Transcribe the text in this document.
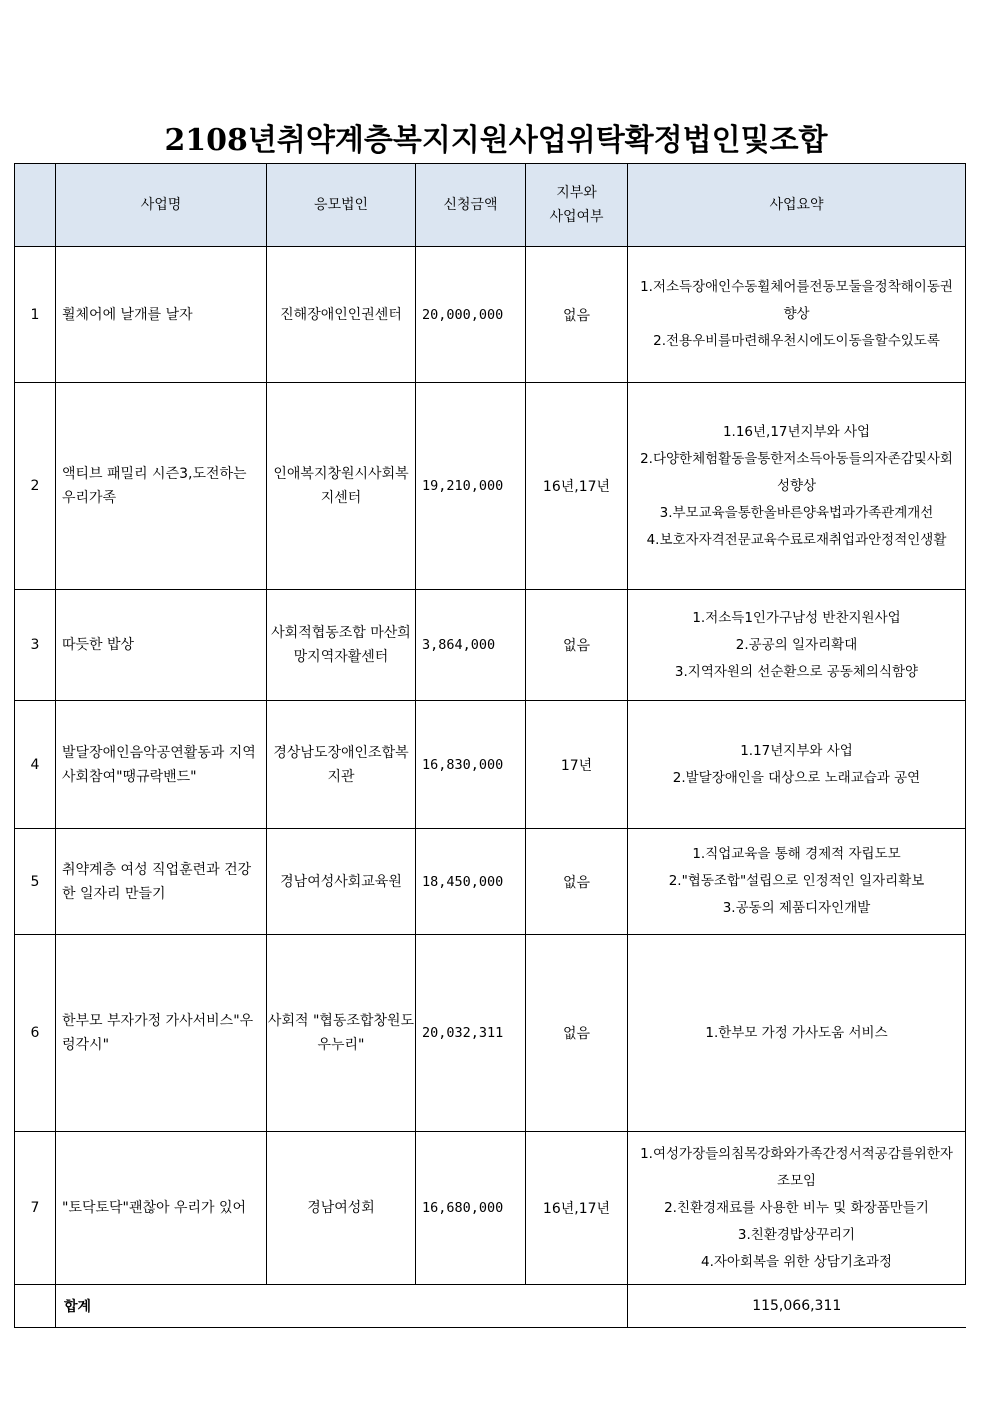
2108년취약계층복지지원사업위탁확정법인및조합
	사업명	응모법인	신청금액	지부와
사업여부	사업요약
1	휠체어에 날개를 날자	진해장애인인권센터	20,000,000	없음	1.저소득장애인수동휠체어를전동모둘을정착해이동권향상
2.전용우비를마련해우천시에도이동을할수있도록

2	액티브 패밀리 시즌3,도전하는우리가족	인애복지창원시사회복지센터	19,210,000	16년,17년	1.16년,17년지부와 사업
2.다양한체험활동을통한저소득아동들의자존감및사회성향상
3.부모교육을통한올바른양육법과가족관계개선
4.보호자자격전문교육수료로재취업과안정적인생활

3	따듯한 밥상	사회적협동조합 마산희망지역자활센터	3,864,000	없음	1.저소득1인가구남성 반찬지원사업
2.공공의 일자리확대
3.지역자원의 선순환으로 공동체의식함양

4	발달장애인음악공연활동과 지역사회참여"땡규락밴드"	경상남도장애인조합복지관	16,830,000	17년	1.17년지부와 사업
2.발달장애인을 대상으로 노래교습과 공연

5	취약계층 여성 직업훈련과 건강한 일자리 만들기	경남여성사회교육원	18,450,000	없음	1.직업교육을 통해 경제적 자립도모
2."협동조합"설립으로 인정적인 일자리확보
3.공동의 제품디자인개발

6	한부모 부자가정 가사서비스"우렁각시"	사회적 "협동조합창원도우누리"	20,032,311	없음	1.한부모 가정 가사도움 서비스

7	"토닥토닥"괜찮아 우리가 있어	경남여성회	16,680,000	16년,17년	1.여성가장들의침목강화와가족간정서적공감를위한자조모임
2.친환경재료를 사용한 비누 및 화장품만들기
3.친환경밥상꾸리기
4.자아회복을 위한 상담기초과정

	합계				115,066,311
